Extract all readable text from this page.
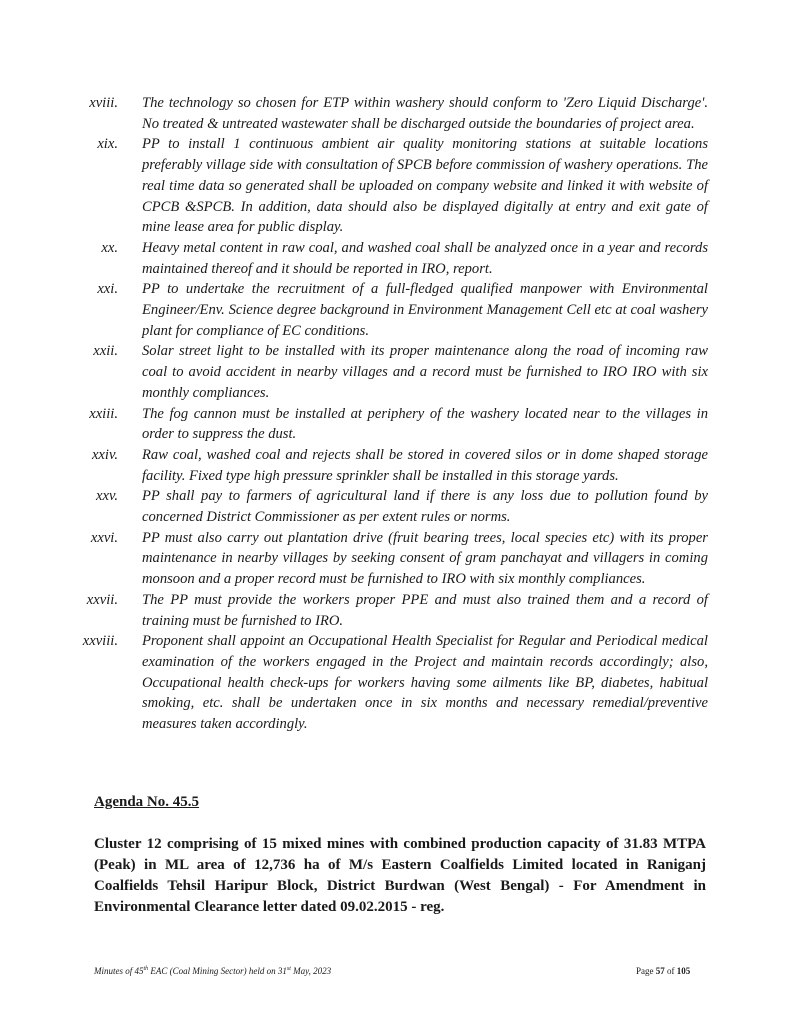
xviii. The technology so chosen for ETP within washery should conform to 'Zero Liquid Discharge'. No treated & untreated wastewater shall be discharged outside the boundaries of project area.
xix. PP to install 1 continuous ambient air quality monitoring stations at suitable locations preferably village side with consultation of SPCB before commission of washery operations. The real time data so generated shall be uploaded on company website and linked it with website of CPCB &SPCB. In addition, data should also be displayed digitally at entry and exit gate of mine lease area for public display.
xx. Heavy metal content in raw coal, and washed coal shall be analyzed once in a year and records maintained thereof and it should be reported in IRO, report.
xxi. PP to undertake the recruitment of a full-fledged qualified manpower with Environmental Engineer/Env. Science degree background in Environment Management Cell etc at coal washery plant for compliance of EC conditions.
xxii. Solar street light to be installed with its proper maintenance along the road of incoming raw coal to avoid accident in nearby villages and a record must be furnished to IRO IRO with six monthly compliances.
xxiii. The fog cannon must be installed at periphery of the washery located near to the villages in order to suppress the dust.
xxiv. Raw coal, washed coal and rejects shall be stored in covered silos or in dome shaped storage facility. Fixed type high pressure sprinkler shall be installed in this storage yards.
xxv. PP shall pay to farmers of agricultural land if there is any loss due to pollution found by concerned District Commissioner as per extent rules or norms.
xxvi. PP must also carry out plantation drive (fruit bearing trees, local species etc) with its proper maintenance in nearby villages by seeking consent of gram panchayat and villagers in coming monsoon and a proper record must be furnished to IRO with six monthly compliances.
xxvii. The PP must provide the workers proper PPE and must also trained them and a record of training must be furnished to IRO.
xxviii. Proponent shall appoint an Occupational Health Specialist for Regular and Periodical medical examination of the workers engaged in the Project and maintain records accordingly; also, Occupational health check-ups for workers having some ailments like BP, diabetes, habitual smoking, etc. shall be undertaken once in six months and necessary remedial/preventive measures taken accordingly.
Agenda No. 45.5
Cluster 12 comprising of 15 mixed mines with combined production capacity of 31.83 MTPA (Peak) in ML area of 12,736 ha of M/s Eastern Coalfields Limited located in Raniganj Coalfields Tehsil Haripur Block, District Burdwan (West Bengal) - For Amendment in Environmental Clearance letter dated 09.02.2015 - reg.
Minutes of 45th EAC (Coal Mining Sector) held on 31st May, 2023	Page 57 of 105
